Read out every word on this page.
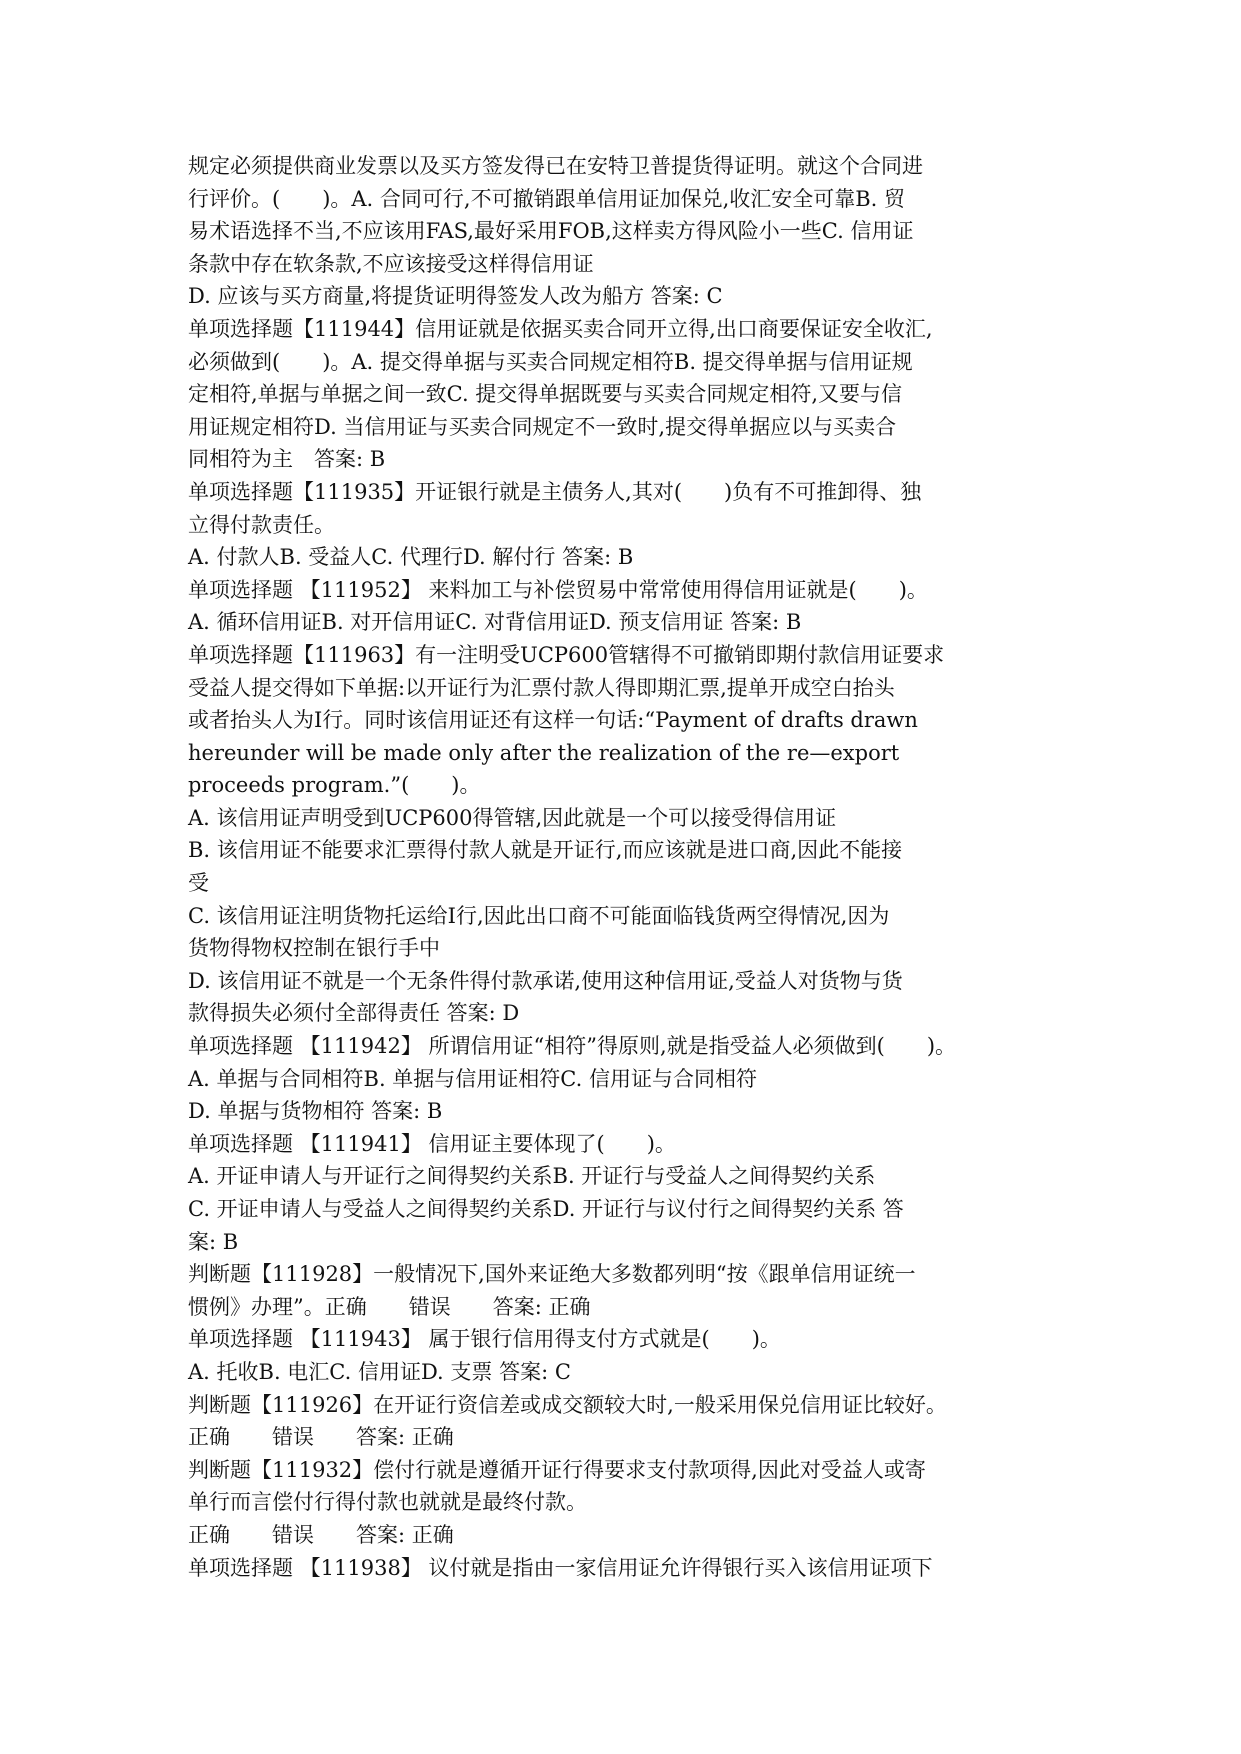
规定必须提供商业发票以及买方签发得已在安特卫普提货得证明。就这个合同进
行评价。(　　)。A. 合同可行,不可撤销跟单信用证加保兑,收汇安全可靠B. 贸
易术语选择不当,不应该用FAS,最好采用FOB,这样卖方得风险小一些C. 信用证
条款中存在软条款,不应该接受这样得信用证
D. 应该与买方商量,将提货证明得签发人改为船方 答案: C
单项选择题【111944】信用证就是依据买卖合同开立得,出口商要保证安全收汇,
必须做到(　　)。A. 提交得单据与买卖合同规定相符B. 提交得单据与信用证规
定相符,单据与单据之间一致C. 提交得单据既要与买卖合同规定相符,又要与信
用证规定相符D. 当信用证与买卖合同规定不一致时,提交得单据应以与买卖合
同相符为主　答案: B
单项选择题【111935】开证银行就是主债务人,其对(　　)负有不可推卸得、独
立得付款责任。
A. 付款人B. 受益人C. 代理行D. 解付行 答案: B
单项选择题 【111952】 来料加工与补偿贸易中常常使用得信用证就是(　　)。
A. 循环信用证B. 对开信用证C. 对背信用证D. 预支信用证 答案: B
单项选择题【111963】有一注明受UCP600管辖得不可撤销即期付款信用证要求
受益人提交得如下单据:以开证行为汇票付款人得即期汇票,提单开成空白抬头
或者抬头人为I行。同时该信用证还有这样一句话:“Payment of drafts drawn
hereunder will be made only after the realization of the re—export
proceeds program.”(　　)。
A. 该信用证声明受到UCP600得管辖,因此就是一个可以接受得信用证
B. 该信用证不能要求汇票得付款人就是开证行,而应该就是进口商,因此不能接
受
C. 该信用证注明货物托运给I行,因此出口商不可能面临钱货两空得情况,因为
货物得物权控制在银行手中
D. 该信用证不就是一个无条件得付款承诺,使用这种信用证,受益人对货物与货
款得损失必须付全部得责任 答案: D
单项选择题 【111942】 所谓信用证“相符”得原则,就是指受益人必须做到(　　)。
A. 单据与合同相符B. 单据与信用证相符C. 信用证与合同相符
D. 单据与货物相符 答案: B
单项选择题 【111941】 信用证主要体现了(　　)。
A. 开证申请人与开证行之间得契约关系B. 开证行与受益人之间得契约关系
C. 开证申请人与受益人之间得契约关系D. 开证行与议付行之间得契约关系 答
案: B
判断题【111928】一般情况下,国外来证绝大多数都列明“按《跟单信用证统一
惯例》办理”。正确　　错误　　答案: 正确
单项选择题 【111943】 属于银行信用得支付方式就是(　　)。
A. 托收B. 电汇C. 信用证D. 支票 答案: C
判断题【111926】在开证行资信差或成交额较大时,一般采用保兑信用证比较好。
正确　　错误　　答案: 正确
判断题【111932】偿付行就是遵循开证行得要求支付款项得,因此对受益人或寄
单行而言偿付行得付款也就就是最终付款。
正确　　错误　　答案: 正确
单项选择题 【111938】 议付就是指由一家信用证允许得银行买入该信用证项下
